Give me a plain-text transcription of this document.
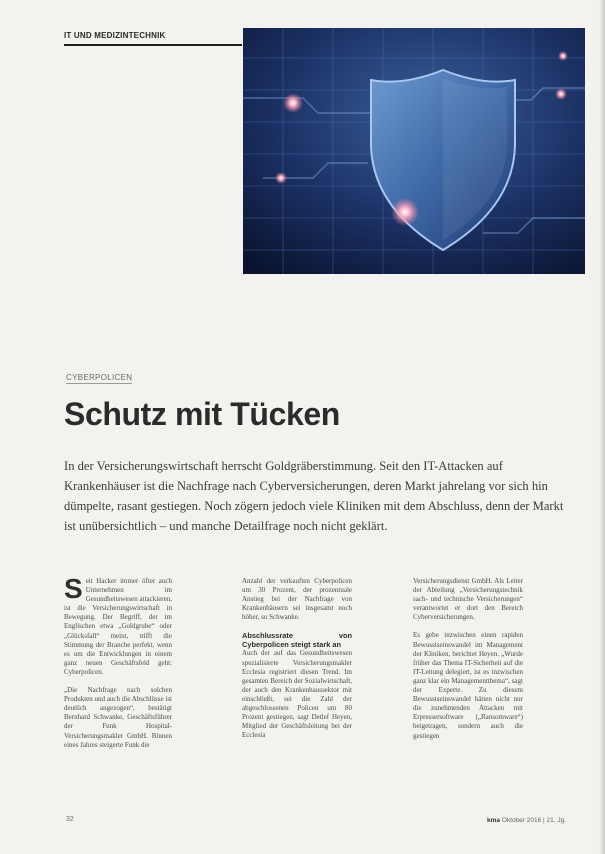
IT UND MEDIZINTECHNIK
CYBERPOLICEN
Schutz mit Tücken
In der Versicherungswirtschaft herrscht Goldgräberstimmung. Seit den IT-Attacken auf Krankenhäuser ist die Nachfrage nach Cyberversicherungen, deren Markt jahrelang vor sich hin dümpelte, rasant gestiegen. Noch zögern jedoch viele Kliniken mit dem Abschluss, denn der Markt ist unübersichtlich – und manche Detailfrage noch nicht geklärt.

Seit Hacker immer öfter auch Unternehmen im Gesundheitswesen attackieren, ist die Versicherungswirtschaft in Bewegung. Der Begriff, der im Englischen etwa „Goldgrube“ oder „Glücksfall“ meint, trifft die Stimmung der Branche perfekt, wenn es um die Entwicklungen in einem ganz neuen Geschäftsfeld geht: Cyberpolicen.

„Die Nachfrage nach solchen Produkten und auch die Abschlüsse ist deutlich angezogen“, bestätigt Bernhard Schwanke, Geschäftsführer der Funk Hospital-Versicherungsmakler GmbH. Binnen eines Jahres steigerte Funk die

Anzahl der verkauften Cyberpolicen um 30 Prozent, der prozentuale Anstieg bei der Nachfrage von Krankenhäusern sei insgesamt noch höher, so Schwanke.

Abschlussrate von Cyberpolicen steigt stark an

Auch der auf das Gesundheitswesen spezialisierte Versicherungsmakler Ecclesia registriert diesen Trend. Im gesamten Bereich der Sozialwirtschaft, der auch den Krankenhaussektor mit einschließt, sei die Zahl der abgeschlossenen Policen um 80 Prozent gestiegen, sagt Detlef Heyen, Mitglied der Geschäftsleitung bei der Ecclesia

Versicherungsdienst GmbH. Als Leiter der Abteilung „Versicherungstechnik sach- und technische Versicherungen“ verantwortet er dort den Bereich Cyberversicherungen.

Es gebe inzwischen einen rapiden Bewusstseinswandel im Management der Kliniken, berichtet Heyen. „Wurde früher das Thema IT-Sicherheit auf die IT-Leitung delegiert, ist es inzwischen ganz klar ein Managementthema“, sagt der Experte. Zu diesem Bewusstseinswandel hätten nicht nur die zunehmenden Attacken mit Erpressersoftware („Ransomware“) beigetragen, sondern auch die gestiegen

32	kma Oktober 2016 | 21. Jg.
